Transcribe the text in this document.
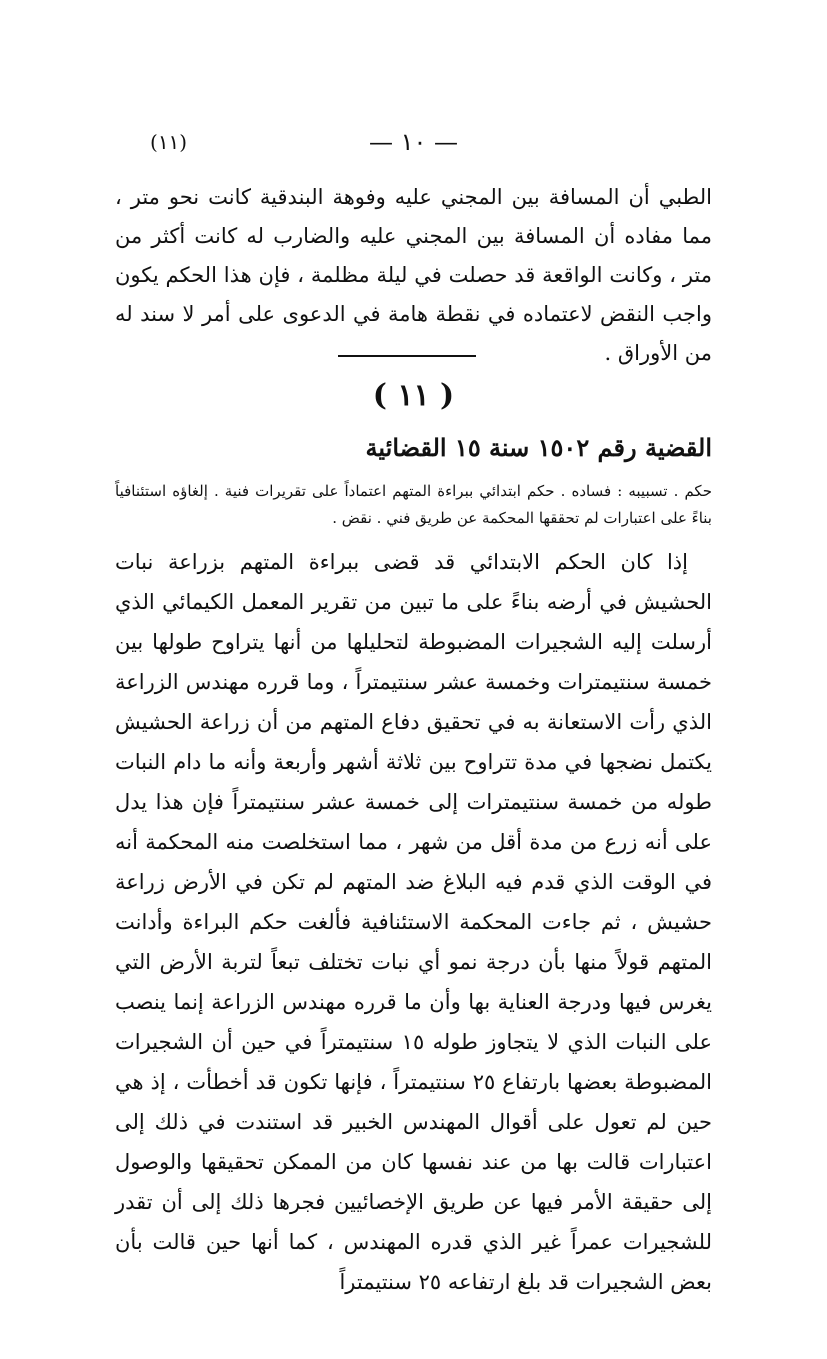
— ١٠ —
(١١)

الطبي أن المسافة بين المجني عليه وفوهة البندقية كانت نحو متر ، مما مفاده أن المسافة بين المجني عليه والضارب له كانت أكثر من متر ، وكانت الواقعة قد حصلت في ليلة مظلمة ، فإن هذا الحكم يكون واجب النقض لاعتماده في نقطة هامة في الدعوى على أمر لا سند له من الأوراق .

( ١١ )
القضية رقم ١٥٠٢ سنة ١٥ القضائية

حكم . تسبيبه : فساده . حكم ابتدائي ببراءة المتهم اعتماداً على تقريرات فنية . إلغاؤه استئنافياً بناءً على اعتبارات لم تحققها المحكمة عن طريق فني . نقض .

إذا كان الحكم الابتدائي قد قضى ببراءة المتهم بزراعة نبات الحشيش في أرضه بناءً على ما تبين من تقرير المعمل الكيمائي الذي أرسلت إليه الشجيرات المضبوطة لتحليلها من أنها يتراوح طولها بين خمسة سنتيمترات وخمسة عشر سنتيمتراً ، وما قرره مهندس الزراعة الذي رأت الاستعانة به في تحقيق دفاع المتهم من أن زراعة الحشيش يكتمل نضجها في مدة تتراوح بين ثلاثة أشهر وأربعة وأنه ما دام النبات طوله من خمسة سنتيمترات إلى خمسة عشر سنتيمتراً فإن هذا يدل على أنه زرع من مدة أقل من شهر ، مما استخلصت منه المحكمة أنه في الوقت الذي قدم فيه البلاغ ضد المتهم لم تكن في الأرض زراعة حشيش ، ثم جاءت المحكمة الاستئنافية فألغت حكم البراءة وأدانت المتهم قولاً منها بأن درجة نمو أي نبات تختلف تبعاً لتربة الأرض التي يغرس فيها ودرجة العناية بها وأن ما قرره مهندس الزراعة إنما ينصب على النبات الذي لا يتجاوز طوله ١٥ سنتيمتراً في حين أن الشجيرات المضبوطة بعضها بارتفاع ٢٥ سنتيمتراً ، فإنها تكون قد أخطأت ، إذ هي حين لم تعول على أقوال المهندس الخبير قد استندت في ذلك إلى اعتبارات قالت بها من عند نفسها كان من الممكن تحقيقها والوصول إلى حقيقة الأمر فيها عن طريق الإخصائيين فجرها ذلك إلى أن تقدر للشجيرات عمراً غير الذي قدره المهندس ، كما أنها حين قالت بأن بعض الشجيرات قد بلغ ارتفاعه ٢٥ سنتيمتراً
